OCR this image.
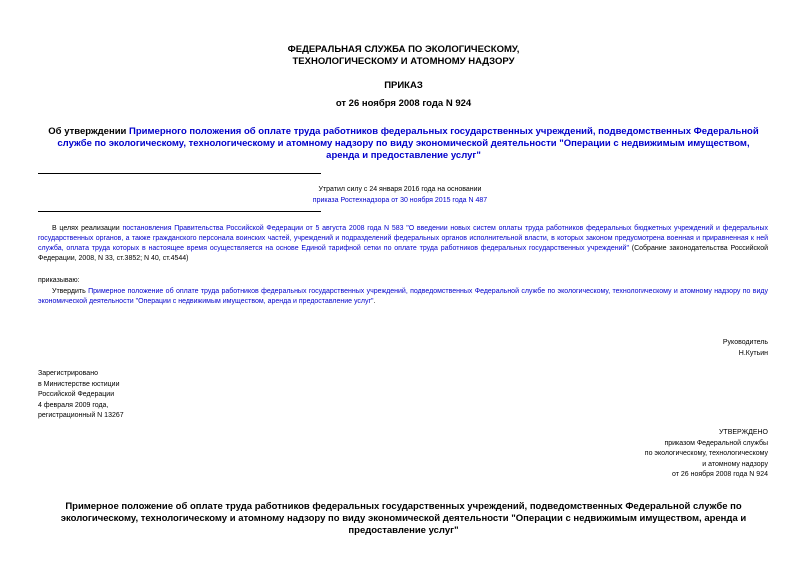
ФЕДЕРАЛЬНАЯ СЛУЖБА ПО ЭКОЛОГИЧЕСКОМУ,
ТЕХНОЛОГИЧЕСКОМУ И АТОМНОМУ НАДЗОРУ
ПРИКАЗ
от 26 ноября 2008 года N 924
Об утверждении Примерного положения об оплате труда работников федеральных государственных учреждений, подведомственных Федеральной службе по экологическому, технологическому и атомному надзору по виду экономической деятельности "Операции с недвижимым имуществом, аренда и предоставление услуг"
Утратил силу с 24 января 2016 года на основании
приказа Ростехнадзора от 30 ноября 2015 года N 487
В целях реализации постановления Правительства Российской Федерации от 5 августа 2008 года N 583 "О введении новых систем оплаты труда работников федеральных бюджетных учреждений и федеральных государственных органов, а также гражданского персонала воинских частей, учреждений и подразделений федеральных органов исполнительной власти, в которых законом предусмотрена военная и приравненная к ней служба, оплата труда которых в настоящее время осуществляется на основе Единой тарифной сетки по оплате труда работников федеральных государственных учреждений" (Собрание законодательства Российской Федерации, 2008, N 33, ст.3852; N 40, ст.4544)
приказываю:
Утвердить Примерное положение об оплате труда работников федеральных государственных учреждений, подведомственных Федеральной службе по экологическому, технологическому и атомному надзору по виду экономической деятельности "Операции с недвижимым имуществом, аренда и предоставление услуг".
Руководитель
Н.Кутьин
Зарегистрировано
в Министерстве юстиции
Российской Федерации
4 февраля 2009 года,
регистрационный N 13267
УТВЕРЖДЕНО
приказом Федеральной службы
по экологическому, технологическому
и атомному надзору
от 26 ноября 2008 года N 924
Примерное положение об оплате труда работников федеральных государственных учреждений, подведомственных Федеральной службе по экологическому, технологическому и атомному надзору по виду экономической деятельности "Операции с недвижимым имуществом, аренда и предоставление услуг"
